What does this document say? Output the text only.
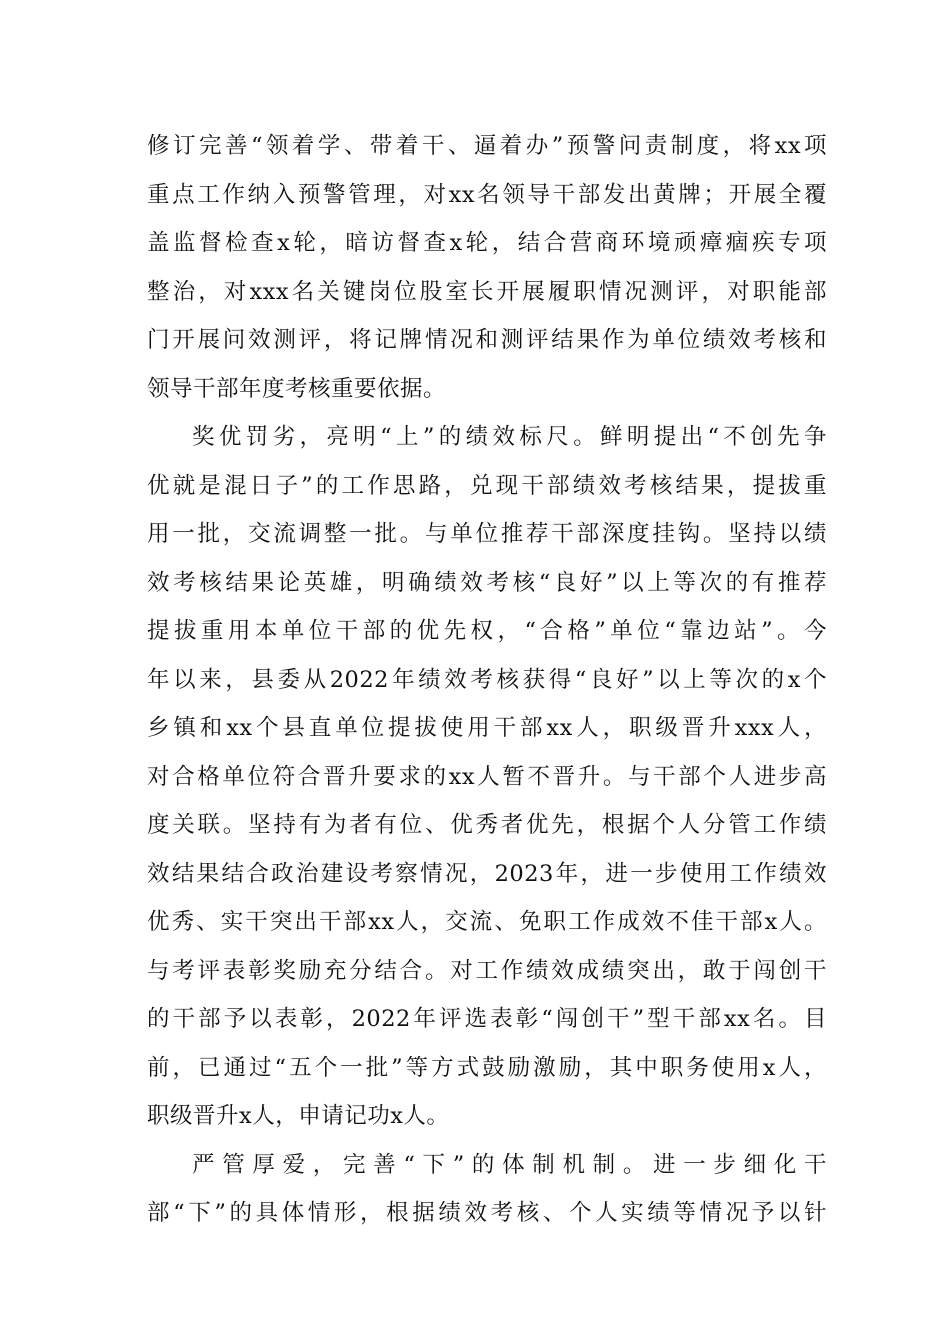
修订完善“领着学、带着干、逼着办”预警问责制度，将xx项
重点工作纳入预警管理，对xx名领导干部发出黄牌；开展全覆
盖监督检查x轮，暗访督查x轮，结合营商环境顽瘴痼疾专项
整治，对xxx名关键岗位股室长开展履职情况测评，对职能部
门开展问效测评，将记牌情况和测评结果作为单位绩效考核和
领导干部年度考核重要依据。
奖优罚劣，亮明“上”的绩效标尺。鲜明提出“不创先争
优就是混日子”的工作思路，兑现干部绩效考核结果，提拔重
用一批，交流调整一批。与单位推荐干部深度挂钩。坚持以绩
效考核结果论英雄，明确绩效考核“良好”以上等次的有推荐
提拔重用本单位干部的优先权，“合格”单位“靠边站”。今
年以来，县委从2022年绩效考核获得“良好”以上等次的x个
乡镇和xx个县直单位提拔使用干部xx人，职级晋升xxx人，
对合格单位符合晋升要求的xx人暂不晋升。与干部个人进步高
度关联。坚持有为者有位、优秀者优先，根据个人分管工作绩
效结果结合政治建设考察情况，2023年，进一步使用工作绩效
优秀、实干突出干部xx人，交流、免职工作成效不佳干部x人。
与考评表彰奖励充分结合。对工作绩效成绩突出，敢于闯创干
的干部予以表彰，2022年评选表彰“闯创干”型干部xx名。目
前，已通过“五个一批”等方式鼓励激励，其中职务使用x人，
职级晋升x人，申请记功x人。
严管厚爱，完善“下”的体制机制。进一步细化干
部“下”的具体情形，根据绩效考核、个人实绩等情况予以针
